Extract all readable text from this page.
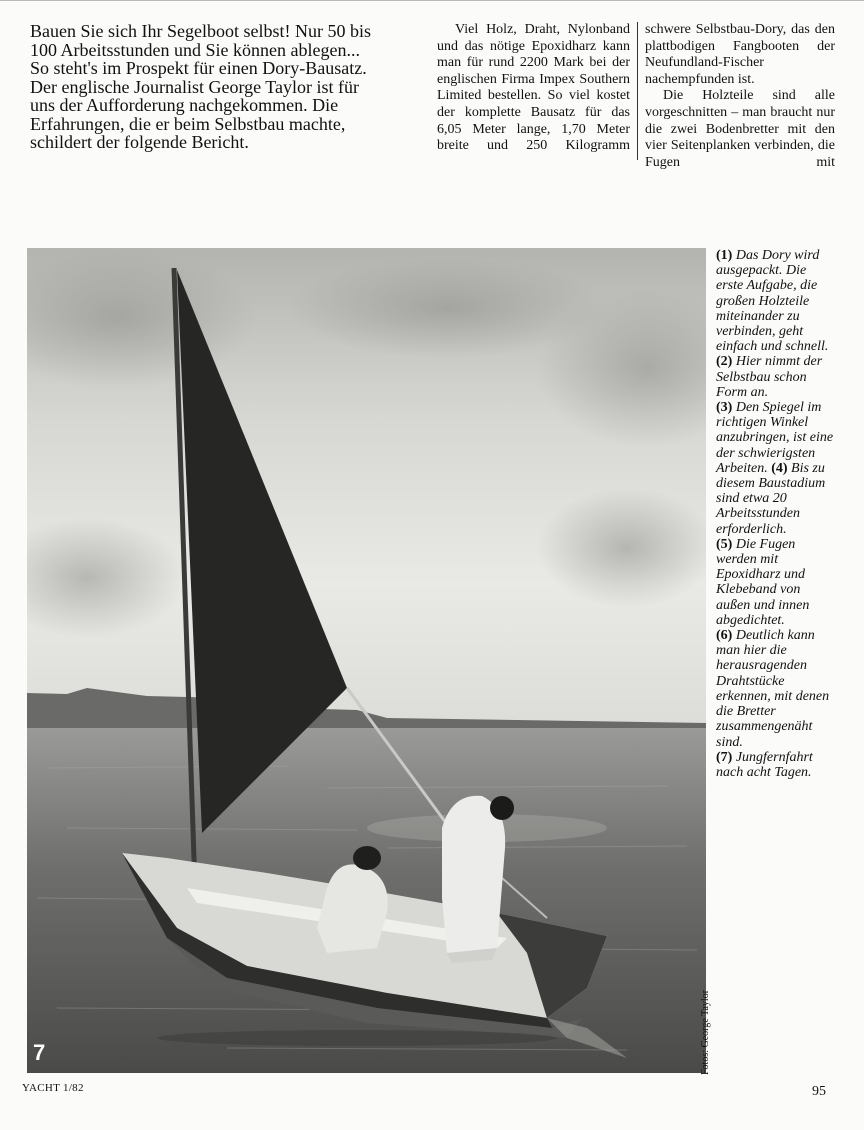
Bauen Sie sich Ihr Segelboot selbst! Nur 50 bis 100 Arbeitsstunden und Sie können ablegen... So steht's im Prospekt für einen Dory-Bausatz. Der englische Journalist George Taylor ist für uns der Aufforderung nachgekommen. Die Erfahrungen, die er beim Selbstbau machte, schildert der folgende Bericht.

Viel Holz, Draht, Nylonband und das nötige Epoxidharz kann man für rund 2200 Mark bei der englischen Firma Impex Southern Limited bestellen. So viel kostet der komplette Bausatz für das 6,05 Meter lange, 1,70 Meter breite und 250 Kilogramm

schwere Selbstbau-Dory, das den plattbodigen Fangbooten der Neufundland-Fischer nachempfunden ist.

Die Holzteile sind alle vorgeschnitten – man braucht nur die zwei Bodenbretter mit den vier Seitenplanken verbinden, die Fugen mit

7	Fotos: George Taylor

(1) Das Dory wird ausgepackt. Die erste Aufgabe, die großen Holzteile miteinander zu verbinden, geht einfach und schnell.

(2) Hier nimmt der Selbstbau schon Form an.

(3) Den Spiegel im richtigen Winkel anzubringen, ist eine der schwierigsten Arbeiten. (4) Bis zu diesem Baustadium sind etwa 20 Arbeitsstunden erforderlich.

(5) Die Fugen werden mit Epoxidharz und Klebeband von außen und innen abgedichtet.

(6) Deutlich kann man hier die herausragenden Drahtstücke erkennen, mit denen die Bretter zusammengenäht sind.

(7) Jungfernfahrt nach acht Tagen.

YACHT 1/82	95
